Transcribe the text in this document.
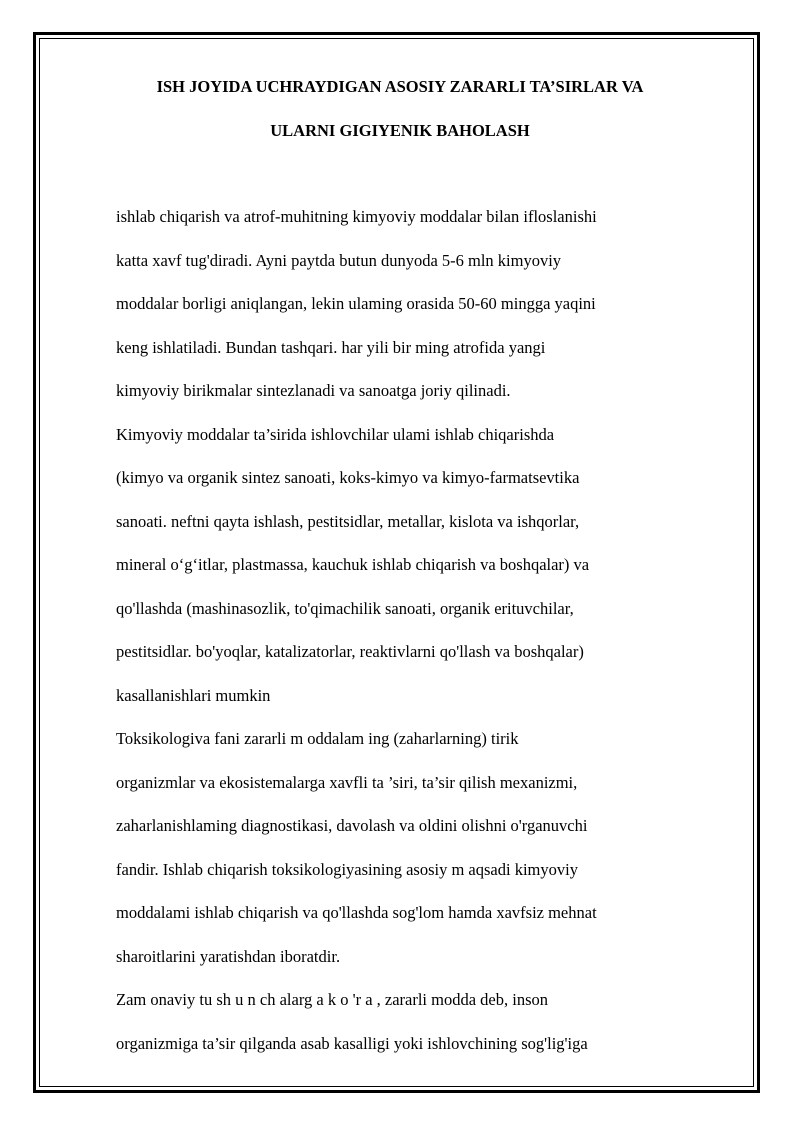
ISH JOYIDA UCHRAYDIGAN ASOSIY ZARARLI TA’SIRLAR VA
ULARNI GIGIYENIK BAHOLASH
ishlab chiqarish va atrof-muhitning kimyoviy moddalar bilan ifloslanishi
katta xavf tug'diradi. Ayni paytda butun dunyoda 5-6 mln kimyoviy
moddalar borligi aniqlangan, lekin ulaming orasida 50-60 mingga yaqini
keng ishlatiladi. Bundan tashqari. har yili bir ming atrofida yangi
kimyoviy birikmalar sintezlanadi va sanoatga joriy qilinadi.
Kimyoviy moddalar ta’sirida ishlovchilar ulami ishlab chiqarishda
(kimyo va organik sintez sanoati, koks-kimyo va kimyo-farmatsevtika
sanoati. neftni qayta ishlash, pestitsidlar, metallar, kislota va ishqorlar,
mineral o‘g‘itlar, plastmassa, kauchuk ishlab chiqarish va boshqalar) va
qo'llashda (mashinasozlik, to'qimachilik sanoati, organik erituvchilar,
pestitsidlar. bo'yoqlar, katalizatorlar, reaktivlarni qo'llash va boshqalar)
kasallanishlari mumkin
Toksikologiva fani zararli m oddalam ing (zaharlarning) tirik
organizmlar va ekosistemalarga xavfli ta ’siri, ta’sir qilish mexanizmi,
zaharlanishlaming diagnostikasi, davolash va oldini olishni o'rganuvchi
fandir. Ishlab chiqarish toksikologiyasining asosiy m aqsadi kimyoviy
moddalami ishlab chiqarish va qo'llashda sog'lom hamda xavfsiz mehnat
sharoitlarini yaratishdan iboratdir.
Zam onaviy tu sh u n ch alarg a k o 'r a , zararli modda deb, inson
organizmiga ta’sir qilganda asab kasalligi yoki ishlovchining sog'lig'iga
